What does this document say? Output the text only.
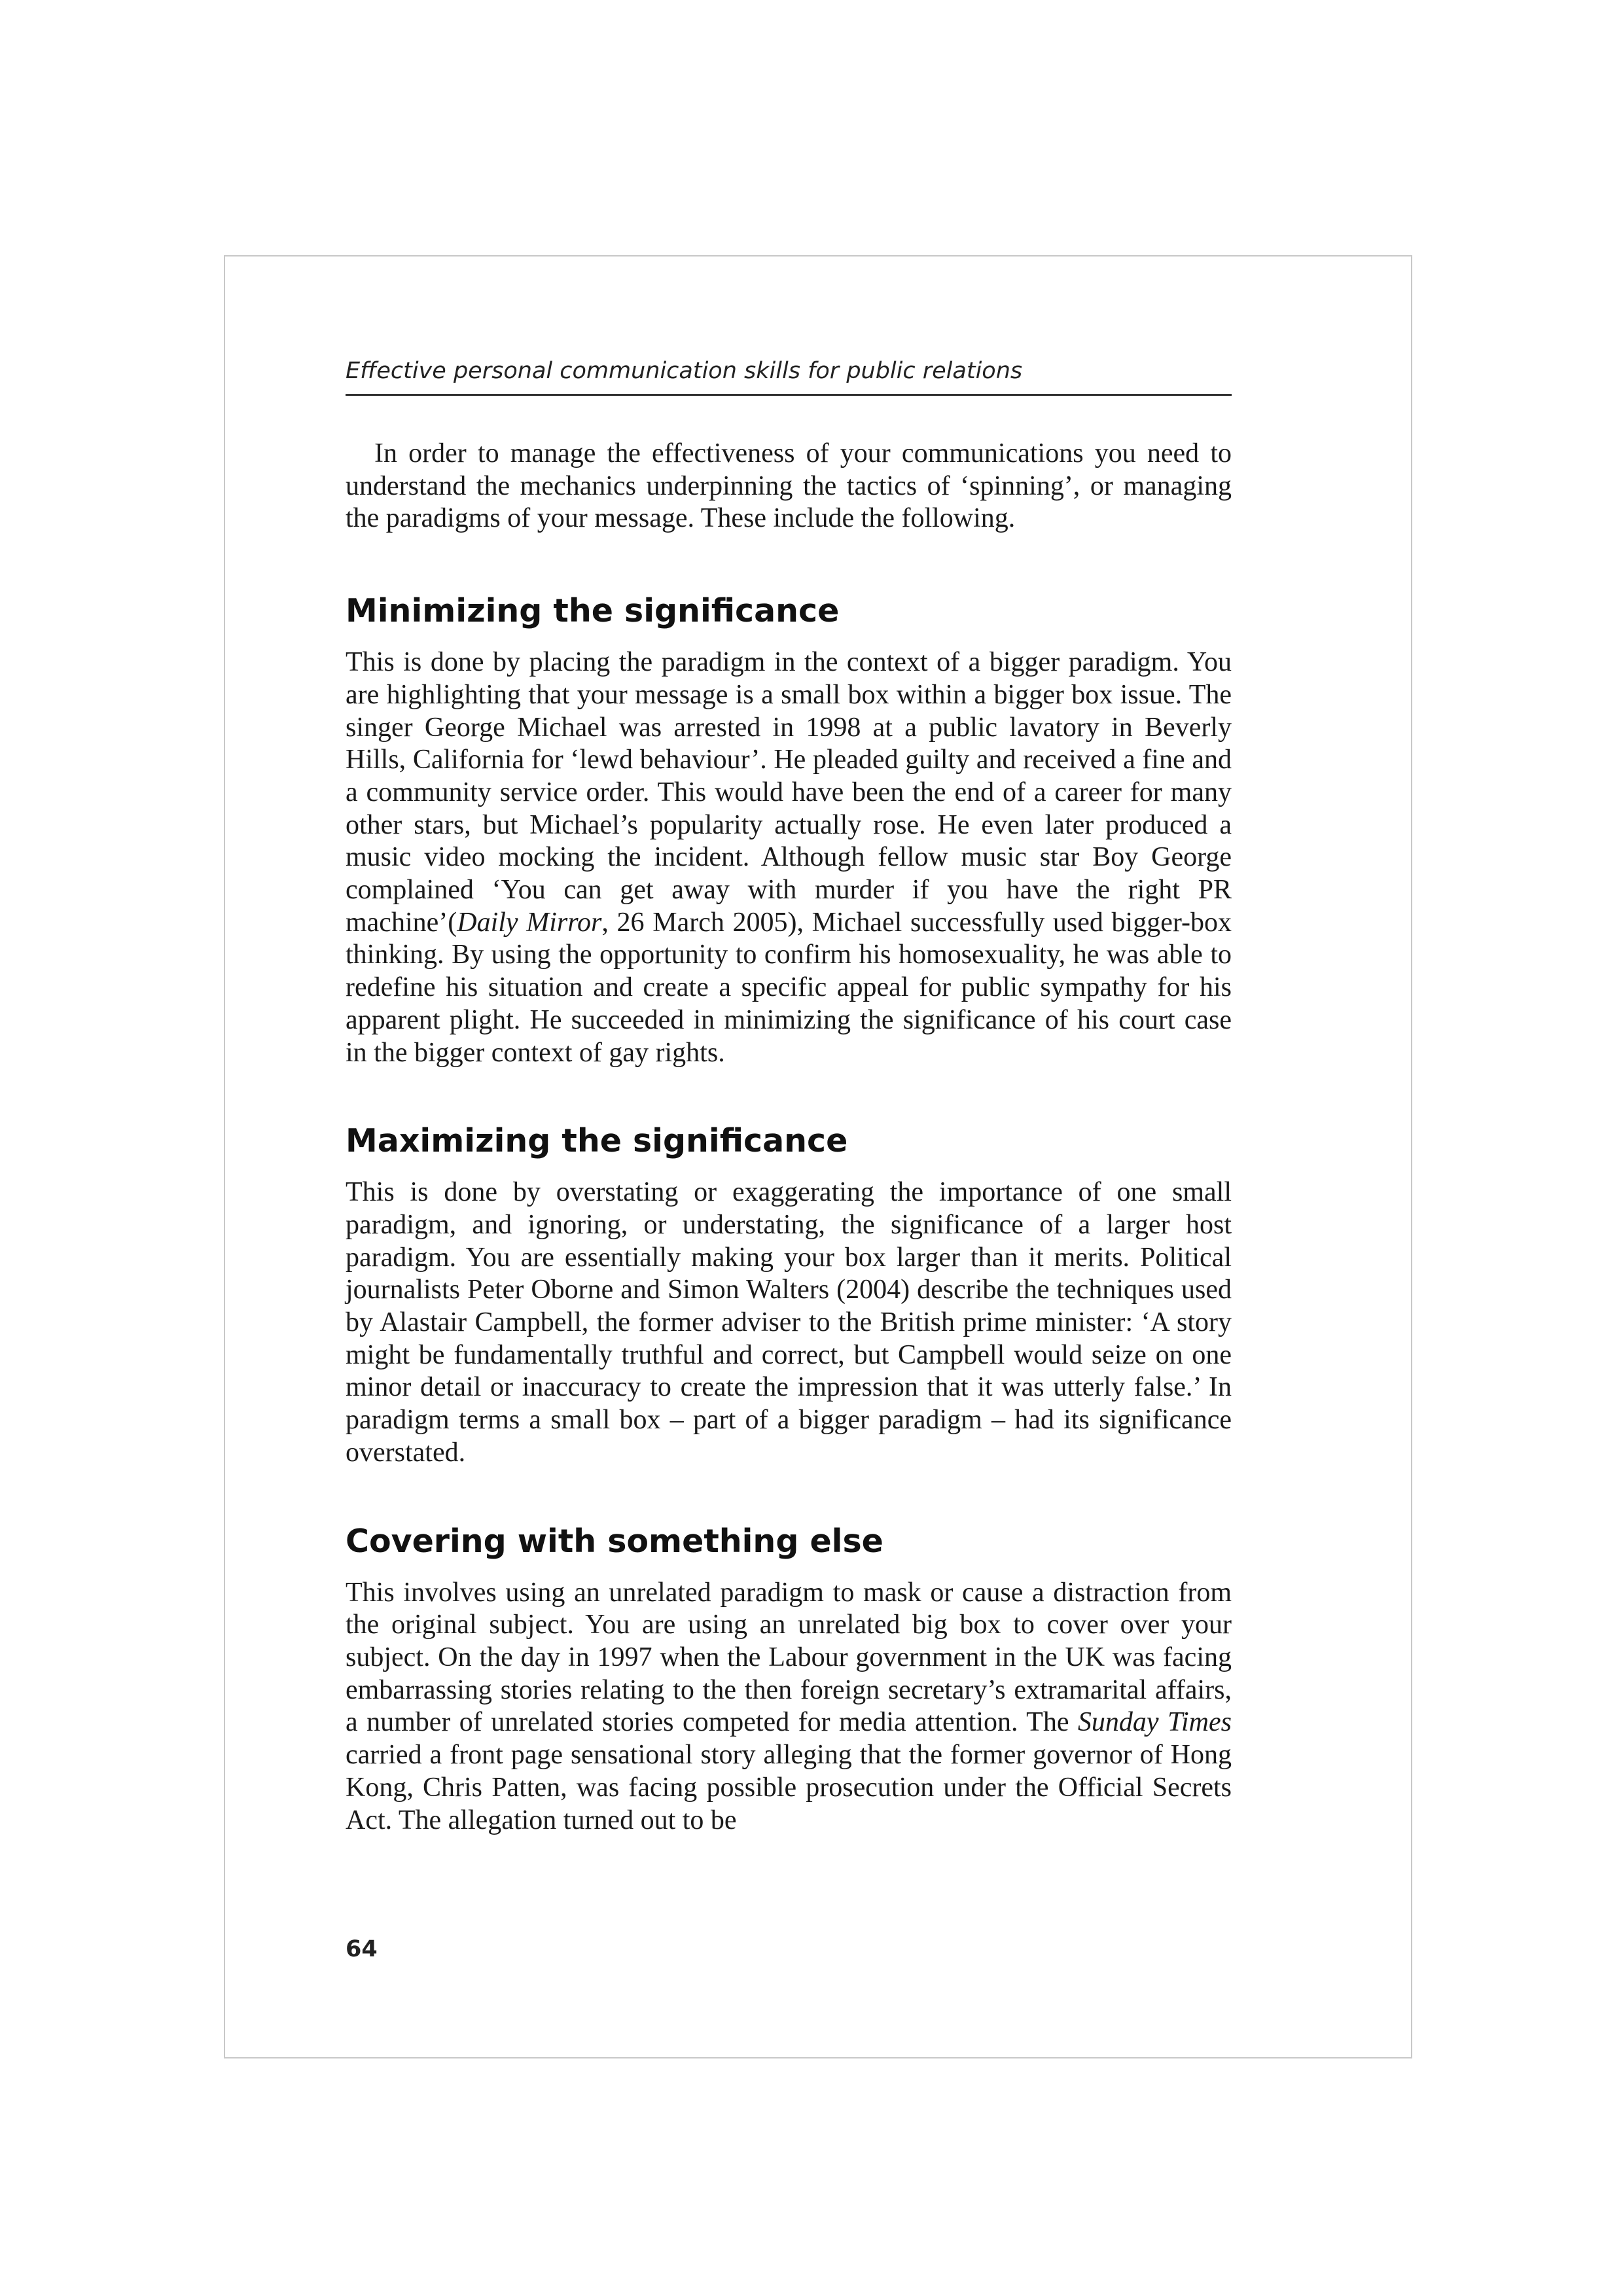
Effective personal communication skills for public relations

In order to manage the effectiveness of your communications you need to understand the mechanics underpinning the tactics of ‘spinning’, or managing the paradigms of your message. These include the following.

Minimizing the significance

This is done by placing the paradigm in the context of a bigger paradigm. You are highlighting that your message is a small box within a bigger box issue. The singer George Michael was arrested in 1998 at a public lavatory in Beverly Hills, California for ‘lewd behaviour’. He pleaded guilty and received a fine and a community service order. This would have been the end of a career for many other stars, but Michael’s popularity actually rose. He even later produced a music video mocking the incident. Although fellow music star Boy George complained ‘You can get away with murder if you have the right PR machine’(Daily Mirror, 26 March 2005), Michael successfully used bigger-box thinking. By using the opportunity to confirm his homosexuality, he was able to redefine his situation and create a specific appeal for public sympathy for his apparent plight. He succeeded in minimizing the significance of his court case in the bigger context of gay rights.

Maximizing the significance

This is done by overstating or exaggerating the importance of one small paradigm, and ignoring, or understating, the significance of a larger host paradigm. You are essentially making your box larger than it merits. Political journalists Peter Oborne and Simon Walters (2004) describe the techniques used by Alastair Campbell, the former adviser to the British prime minister: ‘A story might be fundamentally truthful and correct, but Campbell would seize on one minor detail or inaccuracy to create the impression that it was utterly false.’ In paradigm terms a small box – part of a bigger paradigm – had its significance overstated.

Covering with something else

This involves using an unrelated paradigm to mask or cause a distraction from the original subject. You are using an unrelated big box to cover over your subject. On the day in 1997 when the Labour government in the UK was facing embarrassing stories relating to the then foreign secretary’s extramarital affairs, a number of unrelated stories competed for media attention. The Sunday Times carried a front page sensational story alleging that the former governor of Hong Kong, Chris Patten, was facing possible prosecution under the Official Secrets Act. The allegation turned out to be

64
